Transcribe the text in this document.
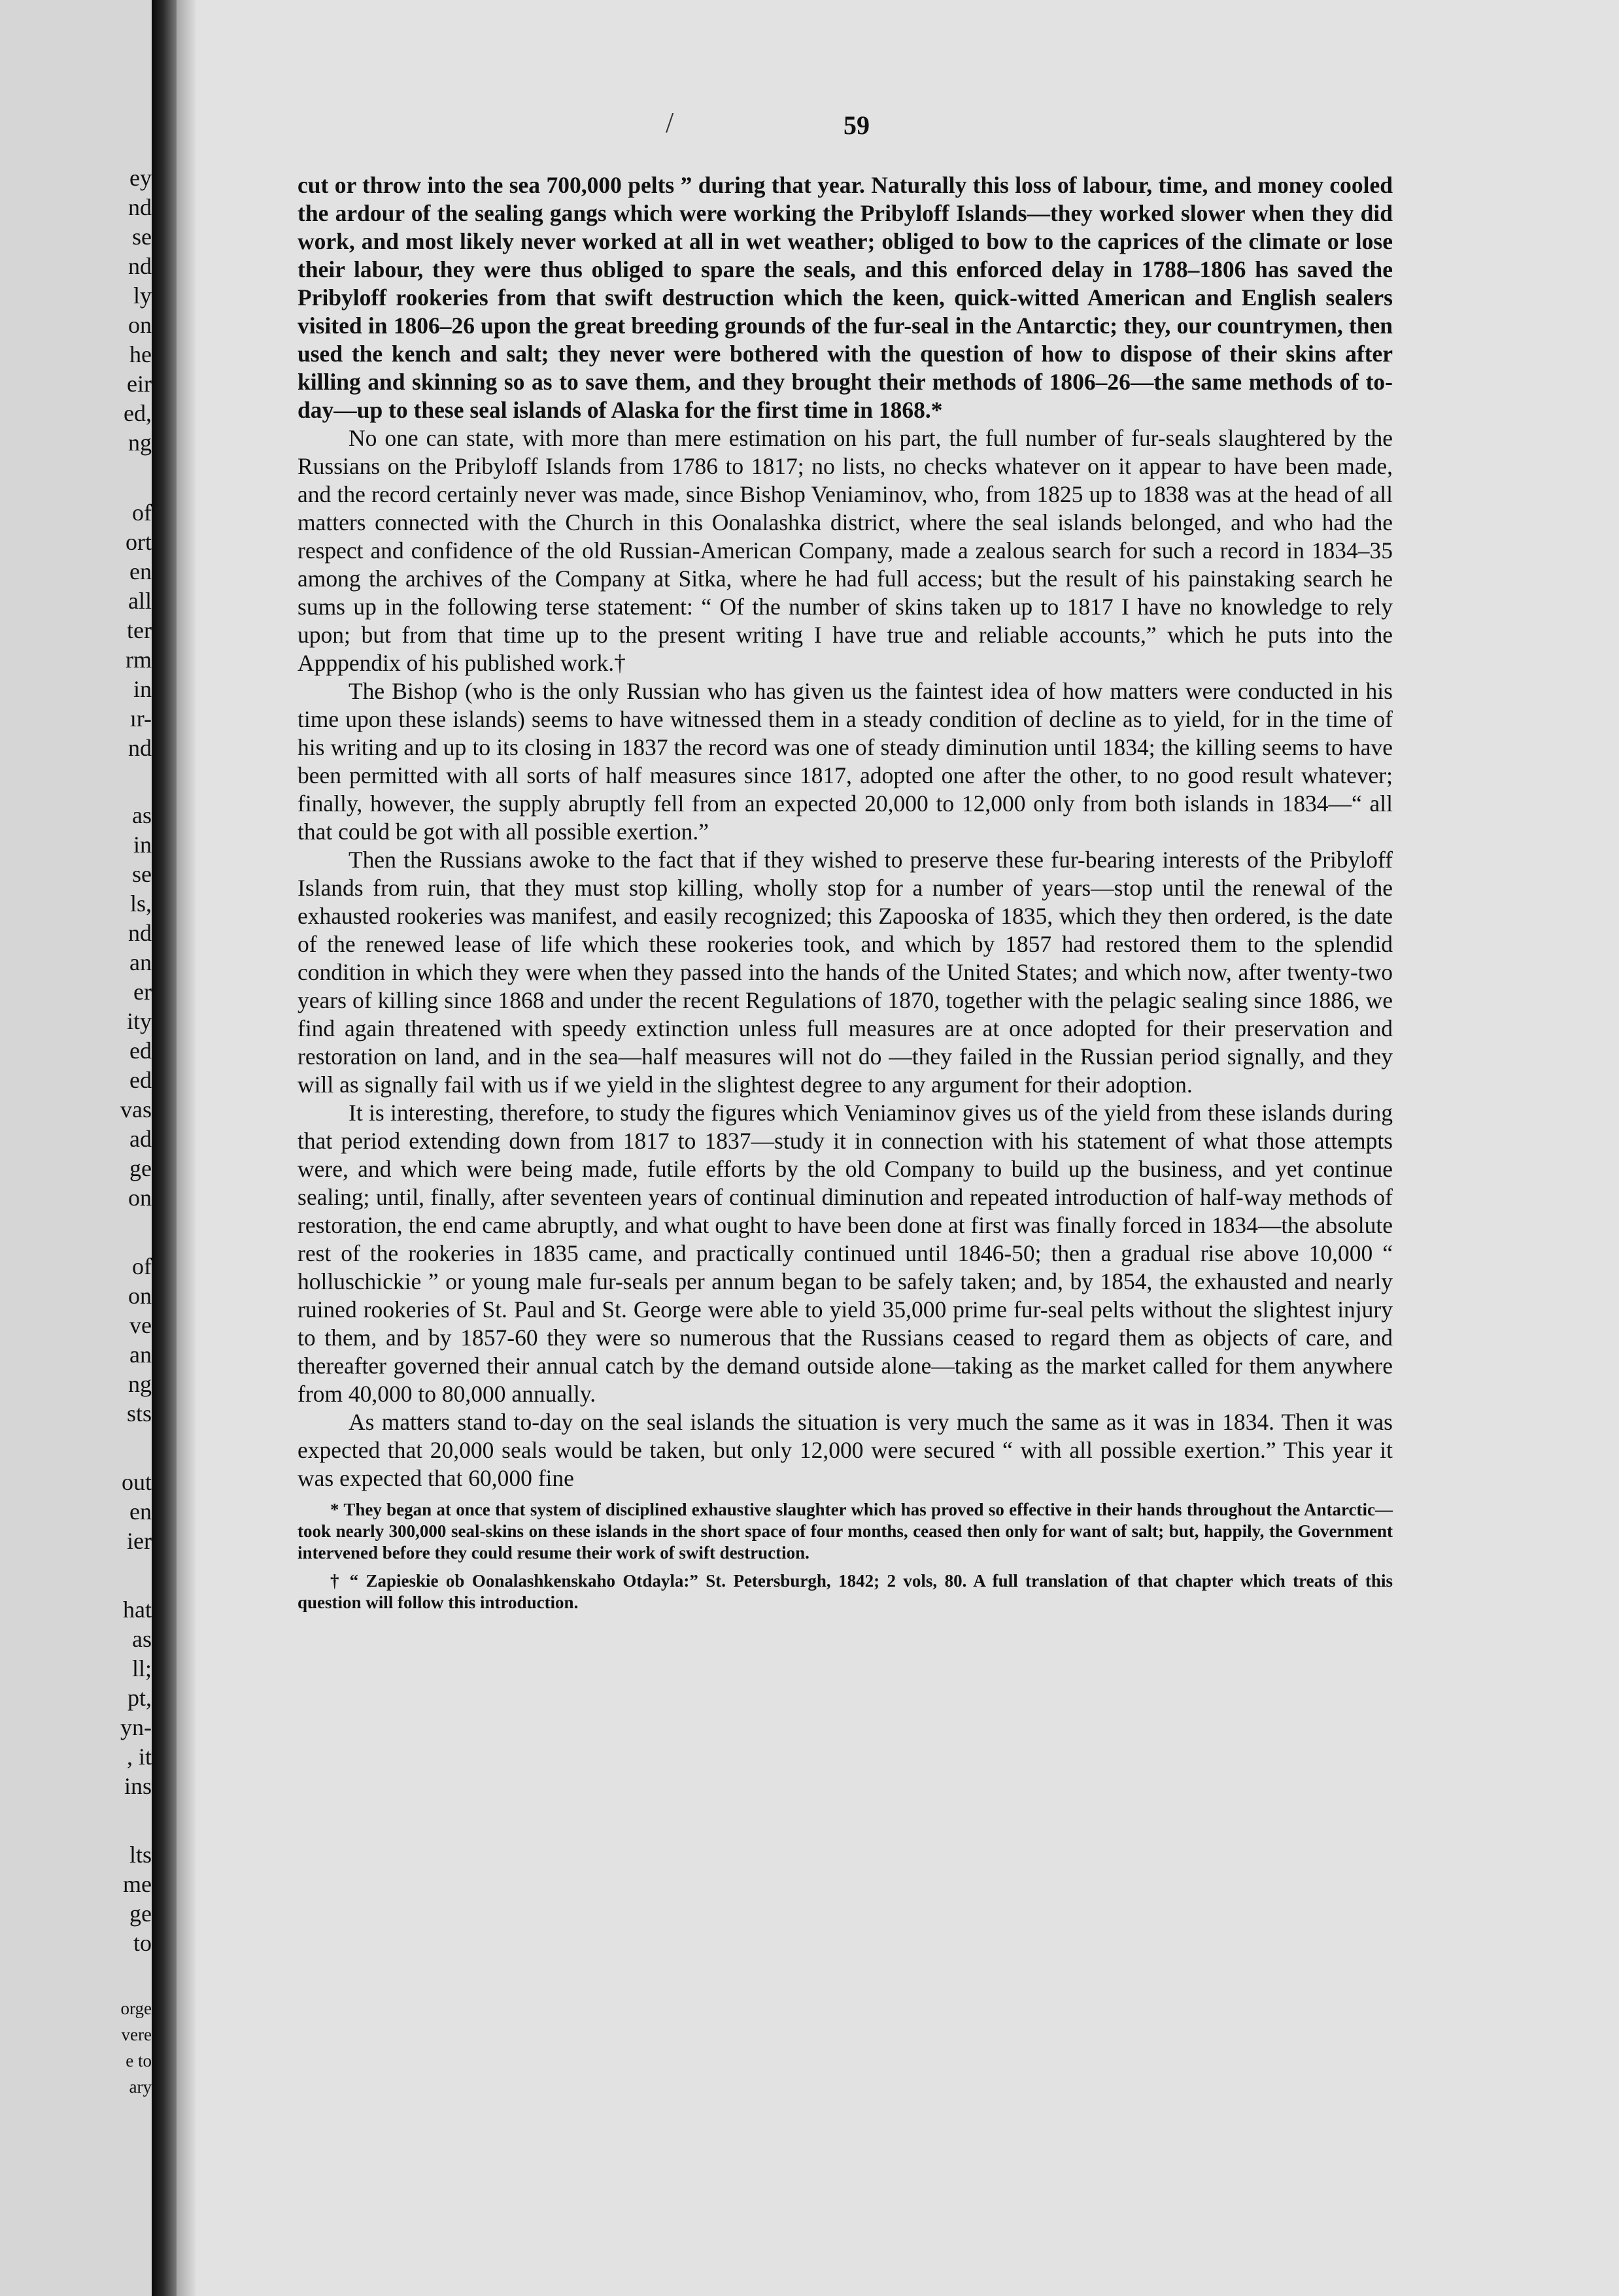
ey
nd
se
nd
ly
on
he
eir
ed,
ng
of
ort
en
all
ter
rm
in
ır-
nd
as
in
se
ls,
nd
an
er
ity
ed
ed
vas
ad
ge
on
of
on
ve
an
ng
sts
out
en
ier
hat
as
ll;
pt,
yn-
, it
ins
lts
me
ge
to
orge
vere
e to
ary
/	59

cut or throw into the sea 700,000 pelts ” during that year. Naturally this loss of labour, time, and money cooled the ardour of the sealing gangs which were working the Pribyloff Islands—they worked slower when they did work, and most likely never worked at all in wet weather; obliged to bow to the caprices of the climate or lose their labour, they were thus obliged to spare the seals, and this enforced delay in 1788–1806 has saved the Pribyloff rookeries from that swift destruction which the keen, quick-witted American and English sealers visited in 1806–26 upon the great breeding grounds of the fur-seal in the Antarctic; they, our countrymen, then used the kench and salt; they never were bothered with the question of how to dispose of their skins after killing and skinning so as to save them, and they brought their methods of 1806–26—the same methods of to-day—up to these seal islands of Alaska for the first time in 1868.*

No one can state, with more than mere estimation on his part, the full number of fur-seals slaughtered by the Russians on the Pribyloff Islands from 1786 to 1817; no lists, no checks whatever on it appear to have been made, and the record certainly never was made, since Bishop Veniaminov, who, from 1825 up to 1838 was at the head of all matters connected with the Church in this Oonalashka district, where the seal islands belonged, and who had the respect and confidence of the old Russian-American Company, made a zealous search for such a record in 1834–35 among the archives of the Company at Sitka, where he had full access; but the result of his painstaking search he sums up in the following terse statement: “ Of the number of skins taken up to 1817 I have no knowledge to rely upon; but from that time up to the present writing I have true and reliable accounts,” which he puts into the Apppendix of his published work.†

The Bishop (who is the only Russian who has given us the faintest idea of how matters were conducted in his time upon these islands) seems to have witnessed them in a steady condition of decline as to yield, for in the time of his writing and up to its closing in 1837 the record was one of steady diminution until 1834; the killing seems to have been permitted with all sorts of half measures since 1817, adopted one after the other, to no good result whatever; finally, however, the supply abruptly fell from an expected 20,000 to 12,000 only from both islands in 1834—“ all that could be got with all possible exertion.”

Then the Russians awoke to the fact that if they wished to preserve these fur-bearing interests of the Pribyloff Islands from ruin, that they must stop killing, wholly stop for a number of years—stop until the renewal of the exhausted rookeries was manifest, and easily recognized; this Zapooska of 1835, which they then ordered, is the date of the renewed lease of life which these rookeries took, and which by 1857 had restored them to the splendid condition in which they were when they passed into the hands of the United States; and which now, after twenty-two years of killing since 1868 and under the recent Regulations of 1870, together with the pelagic sealing since 1886, we find again threatened with speedy extinction unless full measures are at once adopted for their preservation and restoration on land, and in the sea—half measures will not do —they failed in the Russian period signally, and they will as signally fail with us if we yield in the slightest degree to any argument for their adoption.

It is interesting, therefore, to study the figures which Veniaminov gives us of the yield from these islands during that period extending down from 1817 to 1837—study it in connection with his statement of what those attempts were, and which were being made, futile efforts by the old Company to build up the business, and yet continue sealing; until, finally, after seventeen years of continual diminution and repeated introduction of half-way methods of restoration, the end came abruptly, and what ought to have been done at first was finally forced in 1834—the absolute rest of the rookeries in 1835 came, and practically continued until 1846-50; then a gradual rise above 10,000 “ holluschickie ” or young male fur-seals per annum began to be safely taken; and, by 1854, the exhausted and nearly ruined rookeries of St. Paul and St. George were able to yield 35,000 prime fur-seal pelts without the slightest injury to them, and by 1857-60 they were so numerous that the Russians ceased to regard them as objects of care, and thereafter governed their annual catch by the demand outside alone—taking as the market called for them anywhere from 40,000 to 80,000 annually.

As matters stand to-day on the seal islands the situation is very much the same as it was in 1834. Then it was expected that 20,000 seals would be taken, but only 12,000 were secured “ with all possible exertion.” This year it was expected that 60,000 fine

* They began at once that system of disciplined exhaustive slaughter which has proved so effective in their hands throughout the Antarctic—took nearly 300,000 seal-skins on these islands in the short space of four months, ceased then only for want of salt; but, happily, the Government intervened before they could resume their work of swift destruction.

† “ Zapieskie ob Oonalashkenskaho Otdayla:” St. Petersburgh, 1842; 2 vols, 80. A full translation of that chapter which treats of this question will follow this introduction.
